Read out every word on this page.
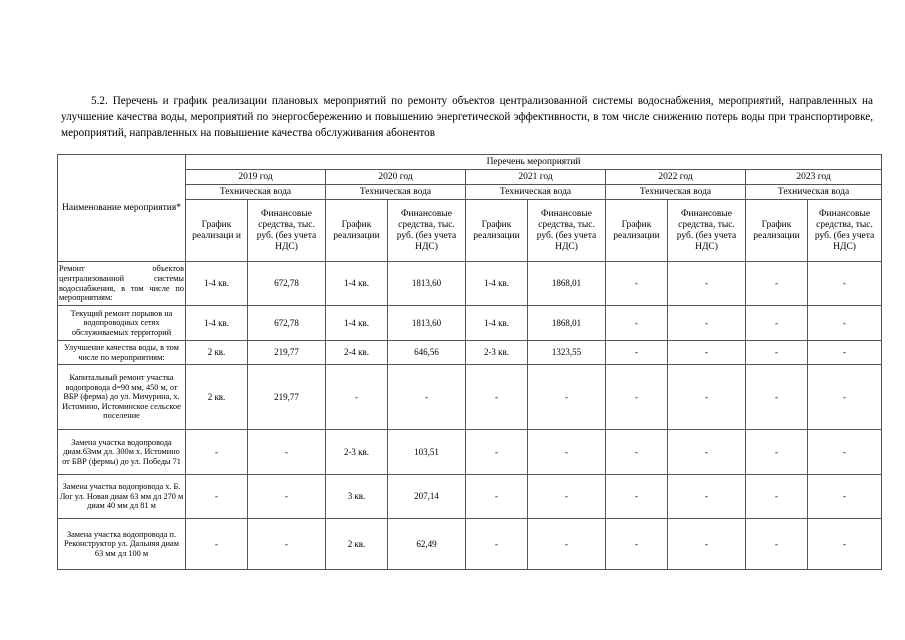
5.2. Перечень и график реализации плановых мероприятий по ремонту объектов централизованной системы водоснабжения, мероприятий, направленных на улучшение качества воды, мероприятий по энергосбережению и повышению энергетической эффективности, в том числе снижению потерь воды при транспортировке, мероприятий, направленных на повышение качества обслуживания абонентов

Наименование мероприятия*	Перечень мероприятий									
	2019 год		2020 год		2021 год		2022 год		2023 год	
	Техническая вода		Техническая вода		Техническая вода		Техническая вода		Техническая вода	
	График реализаци и	Финансовые средства, тыс. руб. (без учета НДС)	График реализации	Финансовые средства, тыс. руб. (без учета НДС)	График реализации	Финансовые средства, тыс. руб. (без учета НДС)	График реализации	Финансовые средства, тыс. руб. (без учета НДС)	График реализации	Финансовые средства, тыс. руб. (без учета НДС)
Ремонт объектов централизованной системы водоснабжения, в том числе по мероприятиям:	1-4 кв.	672,78	1-4 кв.	1813,60	1-4 кв.	1868,01	-	-	-	-
Текущий ремонт порывов на водопроводных сетях обслуживаемых территорий	1-4 кв.	672,78	1-4 кв.	1813,60	1-4 кв.	1868,01	-	-	-	-
Улучшение качества воды, в том числе по мероприятиям:	2 кв.	219,77	2-4 кв.	646,56	2-3 кв.	1323,55	-	-	-	-
Капитальный ремонт участка водопровода d=90 мм, 450 м, от ВБР (ферма) до ул. Мичурина, х. Истомино, Истоминское сельское поселение	2 кв.	219,77	-	-	-	-	-	-	-	-
Замена участка водопровода диам.63мм дл. 300м х. Истомино от БВР (фермы) до ул. Победы 71	-	-	2-3 кв.	103,51	-	-	-	-	-	-
Замена участка водопровода х. Б. Лог ул. Новая диам 63 мм дл 270 м диам 40 мм дл 81 м	-	-	3 кв.	207,14	-	-	-	-	-	-
Замена участка водопровода п. Реконструктор ул. Дальняя диам 63 мм дл 100 м	-	-	2 кв.	62,49	-	-	-	-	-	-
